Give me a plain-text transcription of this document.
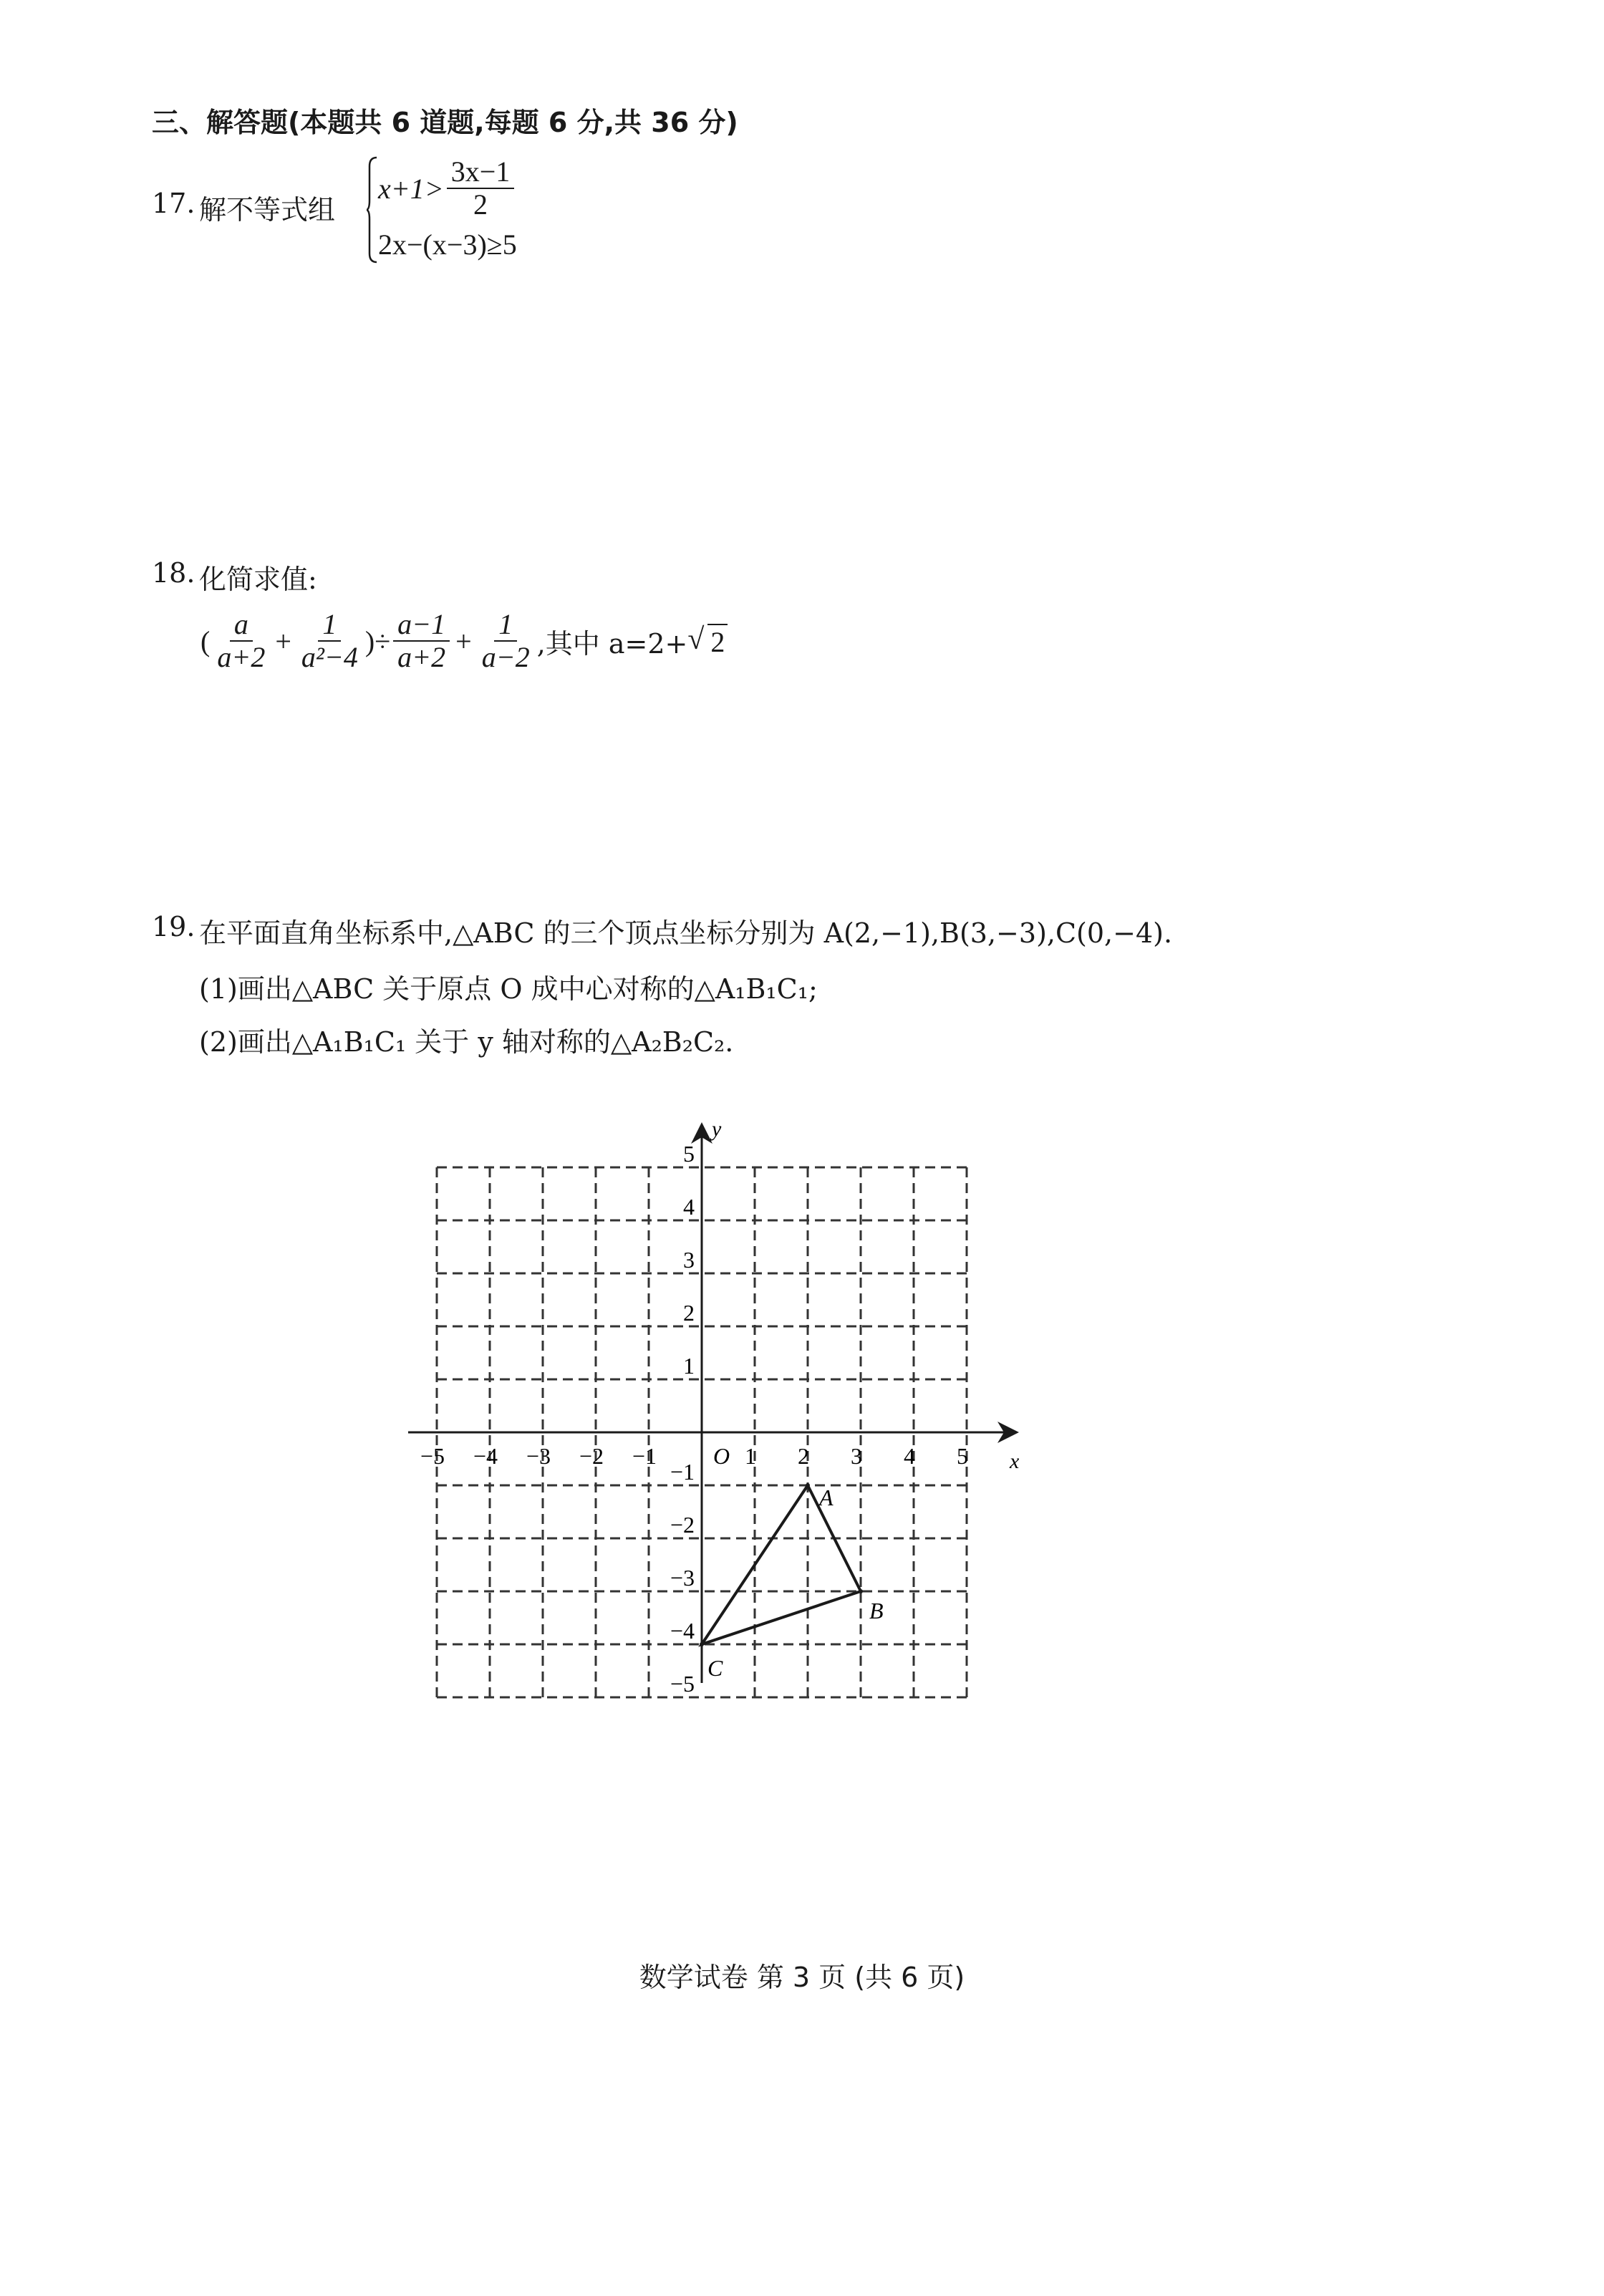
三、解答题(本题共 6 道题,每题 6 分,共 36 分)
17. 解不等式组
$x+1> \frac{3x-1}{2}$
2x−(x−3)≥5
18. 化简求值:
( $\frac{a}{a+2} + \frac{1}{\text{a²−4}}$ )÷ $\frac{a-1}{a+2} + \frac{1}{a-2}$ ,其中 a=2+ √ 2
19. 在平面直角坐标系中,△ABC 的三个顶点坐标分别为 A(2,−1),B(3,−3),C(0,−4).
(1)画出△ABC 关于原点 O 成中心对称的△A₁B₁C₁;
(2)画出△A₁B₁C₁ 关于 y 轴对称的△A₂B₂C₂.
x
y
O
−5 −4 −3 −2 −1	1 2 3 4 5
5
4
3
2
1
−1
−2
−3
−4
−5
A
B
C
数学试卷 第 3 页 (共 6 页)
